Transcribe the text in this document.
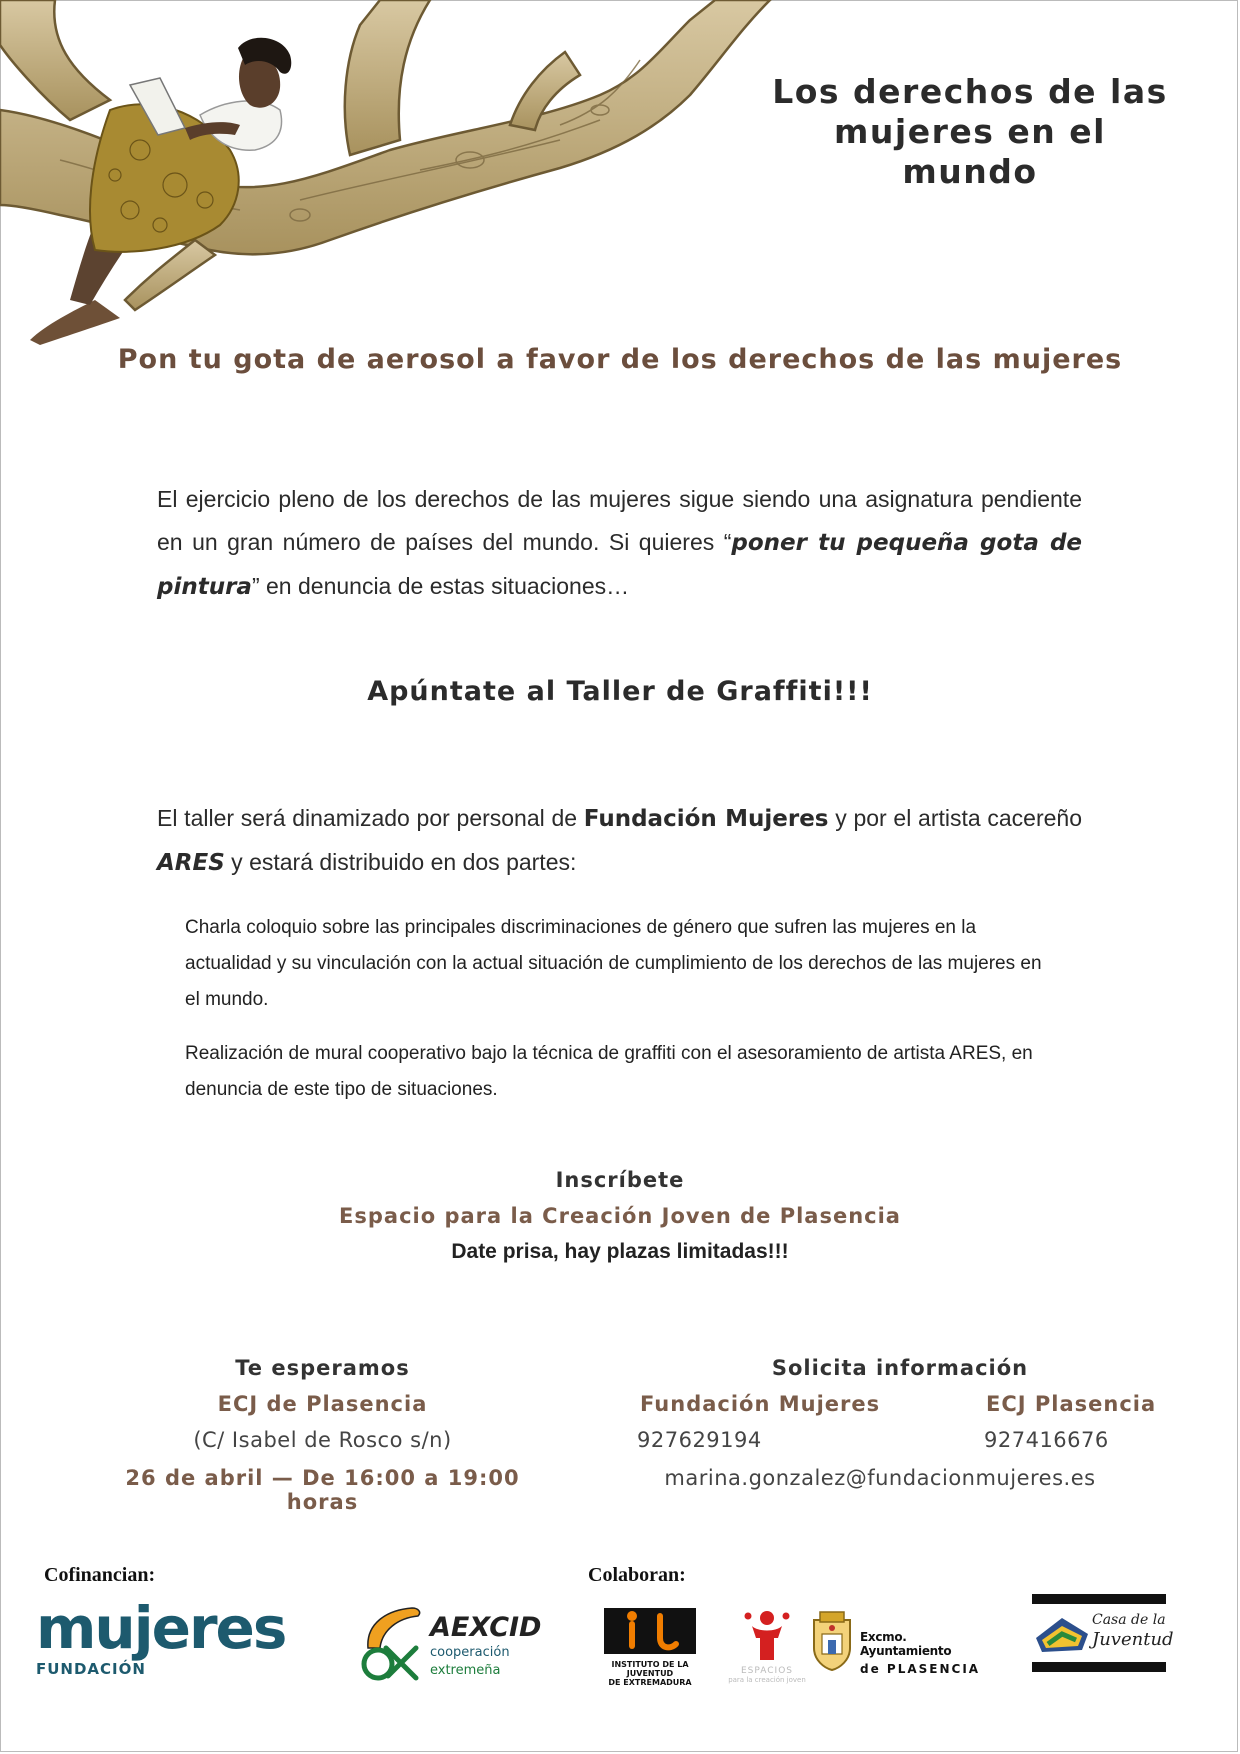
Los derechos de las
mujeres en el mundo
Pon tu gota de aerosol a favor de los derechos de las mujeres
El ejercicio pleno de los derechos de las mujeres sigue siendo una asignatura pendiente en un gran número de países del mundo. Si quieres “poner tu pequeña gota de pintura” en denuncia de estas situaciones…
Apúntate al Taller de Graffiti!!!
El taller será dinamizado por personal de Fundación Mujeres y por el artista cacereño ARES y estará distribuido en dos partes:
Charla coloquio sobre las principales discriminaciones de género que sufren las mujeres en la actualidad y su vinculación con la actual situación de cumplimiento de los derechos de las mujeres en el mundo.
Realización de mural cooperativo bajo la técnica de graffiti con el asesoramiento de artista ARES, en denuncia de este tipo de situaciones.
Inscríbete
Espacio para la Creación Joven de Plasencia
Date prisa, hay plazas limitadas!!!
Te esperamos
ECJ de Plasencia
(C/ Isabel de Rosco s/n)
26 de abril — De 16:00 a 19:00 horas
Solicita información
Fundación Mujeres	ECJ Plasencia
927629194	927416676
marina.gonzalez@fundacionmujeres.es
Cofinancian:	Colaboran:
mujeres
FUNDACIÓN
AEXCID
cooperación extremeña	INSTITUTO DE LA JUVENTUD
DE EXTREMADURA
ESPACIOS
para la creación joven
Excmo. Ayuntamiento
de PLASENCIA
Casa de la
Juventud
